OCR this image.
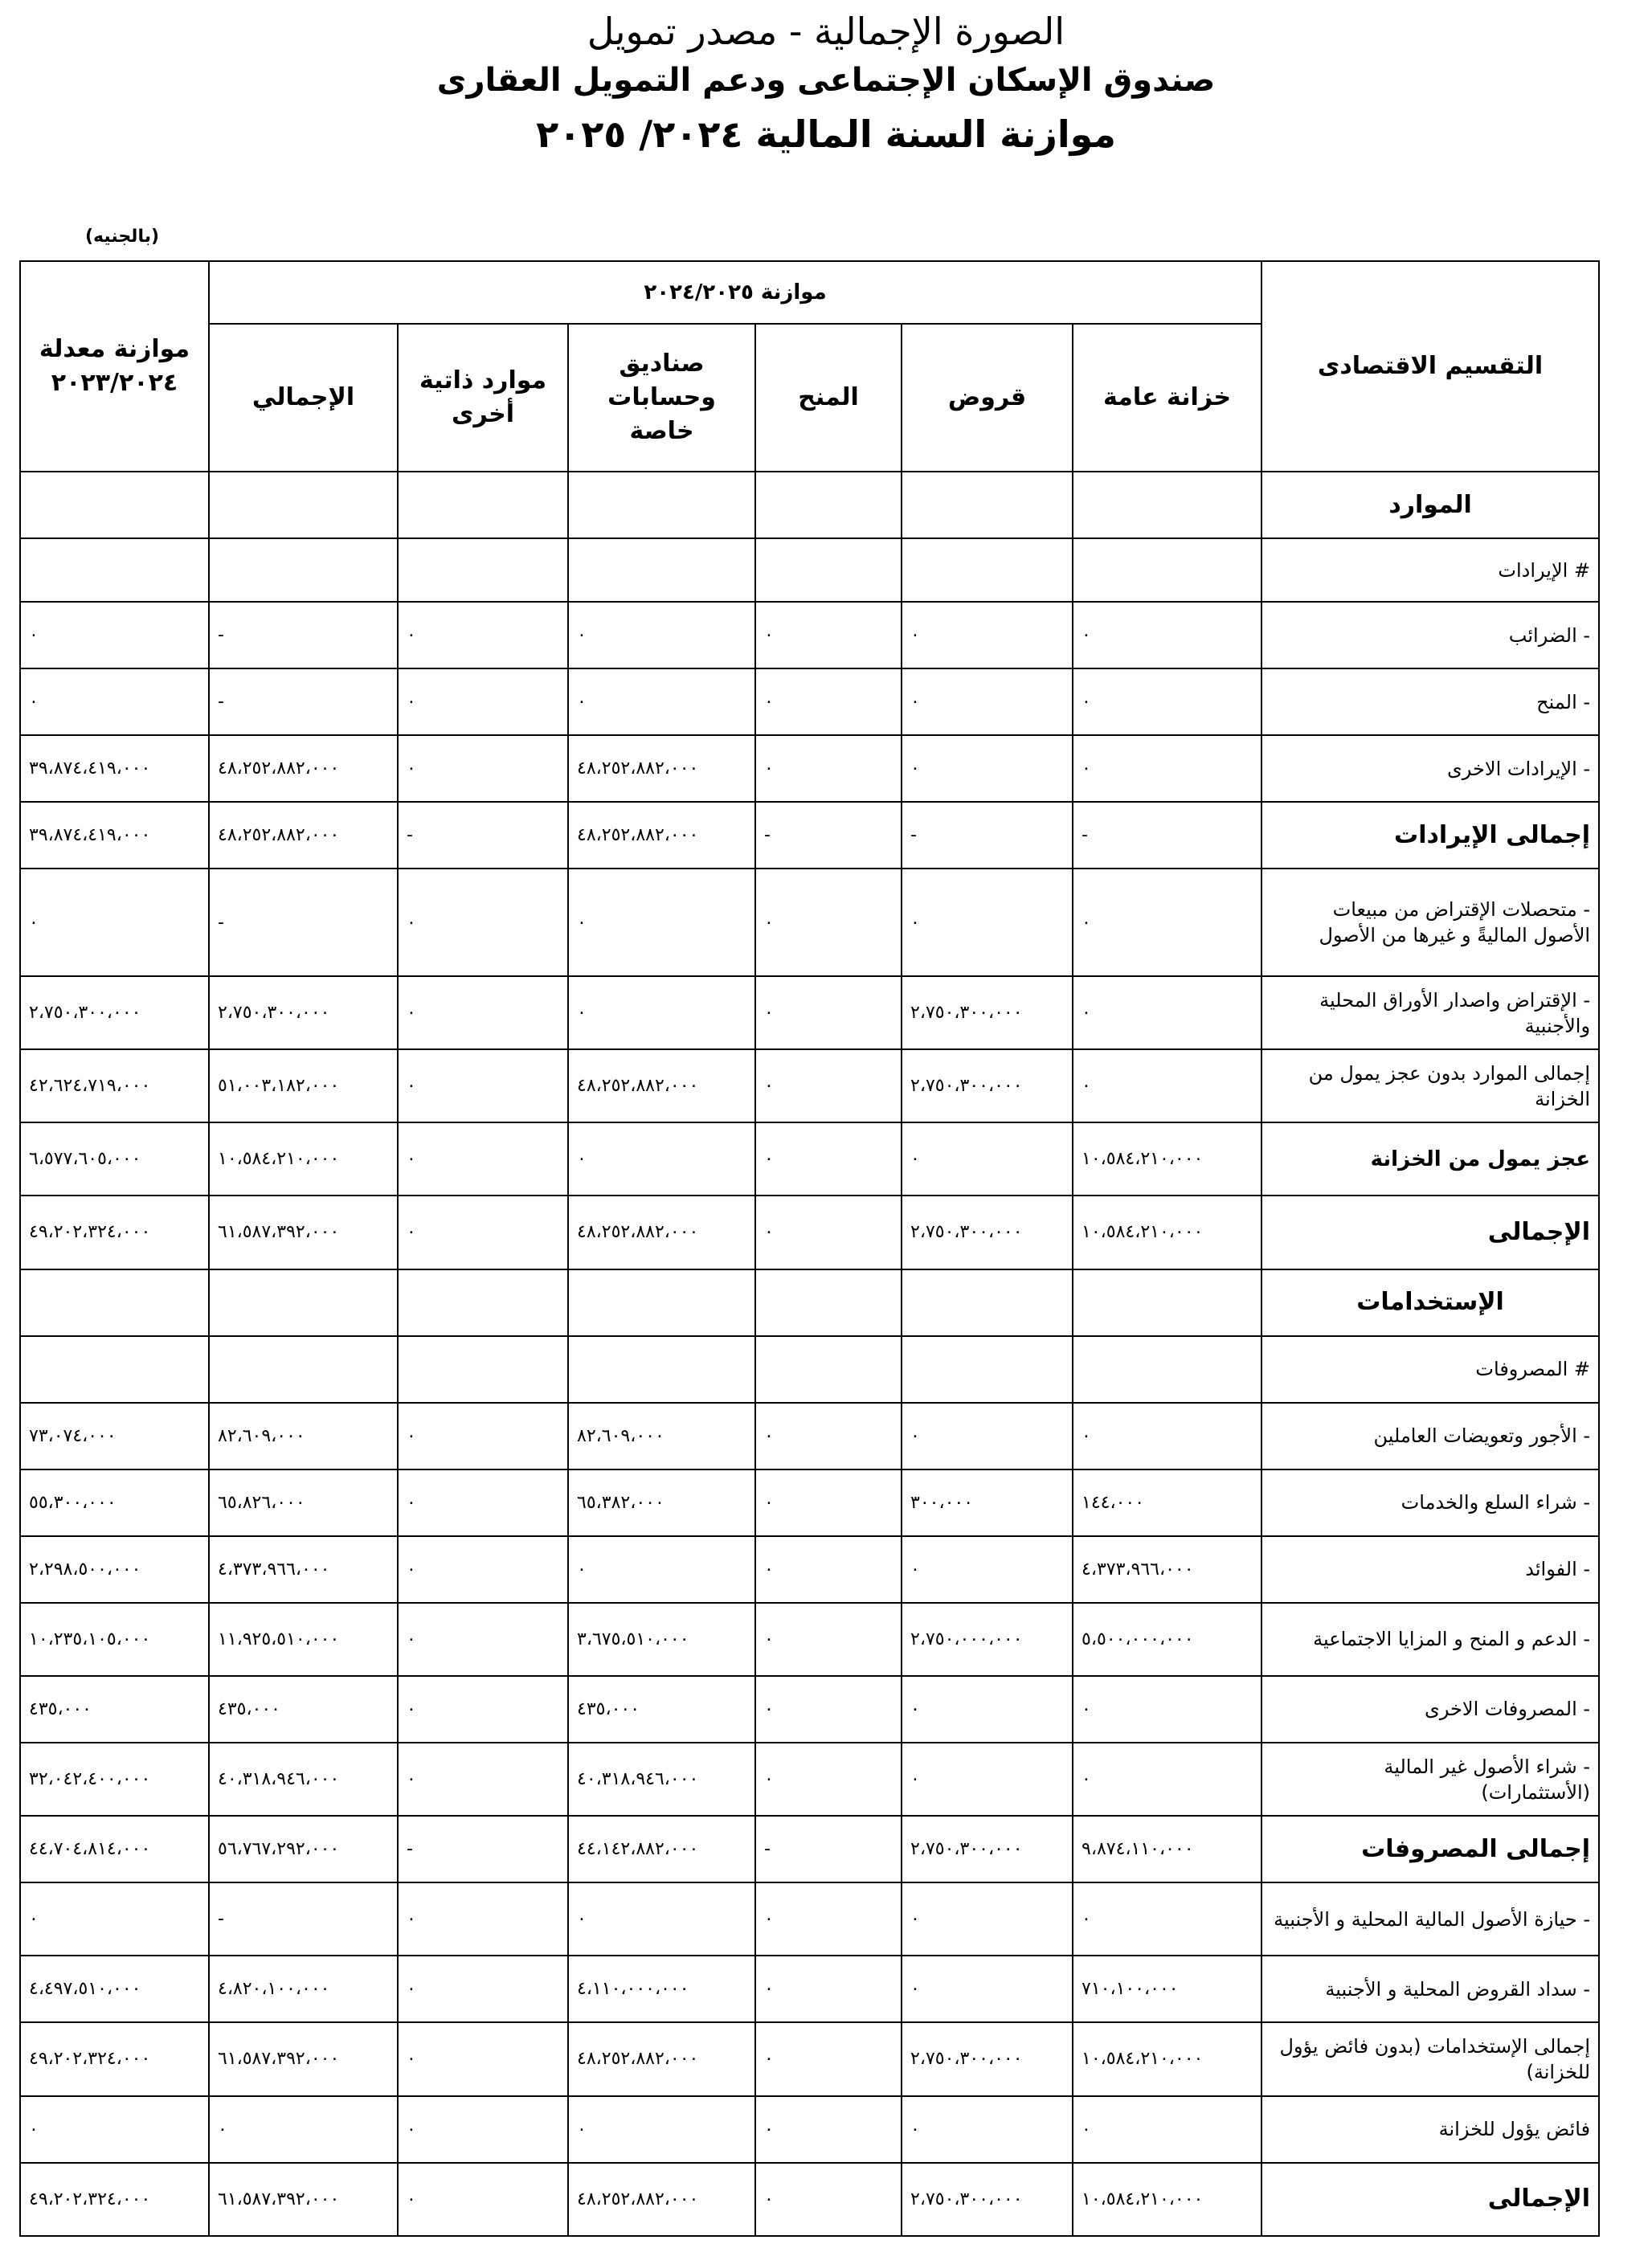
الصورة الإجمالية - مصدر تمويل
صندوق الإسكان الإجتماعى ودعم التمويل العقارى
موازنة السنة المالية ٢٠٢٤/ ٢٠٢٥
(بالجنيه)
التقسيم الاقتصادى	موازنة ٢٠٢٤/٢٠٢٥						موازنة معدلة ٢٠٢٣/٢٠٢٤
	خزانة عامة	قروض	المنح	صناديق وحسابات خاصة	موارد ذاتية أخرى	الإجمالي	
الموارد							
# الإيرادات							
- الضرائب	٠	٠	٠	٠	٠	-	٠
- المنح	٠	٠	٠	٠	٠	-	٠
- الإيرادات الاخرى	٠	٠	٠	٤٨،٢٥٢،٨٨٢،٠٠٠	٠	٤٨،٢٥٢،٨٨٢،٠٠٠	٣٩،٨٧٤،٤١٩،٠٠٠
إجمالى الإيرادات	-	-	-	٤٨،٢٥٢،٨٨٢،٠٠٠	-	٤٨،٢٥٢،٨٨٢،٠٠٠	٣٩،٨٧٤،٤١٩،٠٠٠
- متحصلات الإقتراض من مبيعات الأصول الماليةً و غيرها من الأصول	٠	٠	٠	٠	٠	-	٠
- الإقتراض واصدار الأوراق المحلية والأجنبية	٠	٢،٧٥٠،٣٠٠،٠٠٠	٠	٠	٠	٢،٧٥٠،٣٠٠،٠٠٠	٢،٧٥٠،٣٠٠،٠٠٠
إجمالى الموارد بدون عجز يمول من الخزانة	٠	٢،٧٥٠،٣٠٠،٠٠٠	٠	٤٨،٢٥٢،٨٨٢،٠٠٠	٠	٥١،٠٠٣،١٨٢،٠٠٠	٤٢،٦٢٤،٧١٩،٠٠٠
عجز يمول من الخزانة	١٠،٥٨٤،٢١٠،٠٠٠	٠	٠	٠	٠	١٠،٥٨٤،٢١٠،٠٠٠	٦،٥٧٧،٦٠٥،٠٠٠
الإجمالى	١٠،٥٨٤،٢١٠،٠٠٠	٢،٧٥٠،٣٠٠،٠٠٠	٠	٤٨،٢٥٢،٨٨٢،٠٠٠	٠	٦١،٥٨٧،٣٩٢،٠٠٠	٤٩،٢٠٢،٣٢٤،٠٠٠
الإستخدامات							
# المصروفات							
- الأجور وتعويضات العاملين	٠	٠	٠	٨٢،٦٠٩،٠٠٠	٠	٨٢،٦٠٩،٠٠٠	٧٣،٠٧٤،٠٠٠
- شراء السلع والخدمات	١٤٤،٠٠٠	٣٠٠،٠٠٠	٠	٦٥،٣٨٢،٠٠٠	٠	٦٥،٨٢٦،٠٠٠	٥٥،٣٠٠،٠٠٠
- الفوائد	٤،٣٧٣،٩٦٦،٠٠٠	٠	٠	٠	٠	٤،٣٧٣،٩٦٦،٠٠٠	٢،٢٩٨،٥٠٠،٠٠٠
- الدعم و المنح و المزايا الاجتماعية	٥،٥٠٠،٠٠٠،٠٠٠	٢،٧٥٠،٠٠٠،٠٠٠	٠	٣،٦٧٥،٥١٠،٠٠٠	٠	١١،٩٢٥،٥١٠،٠٠٠	١٠،٢٣٥،١٠٥،٠٠٠
- المصروفات الاخرى	٠	٠	٠	٤٣٥،٠٠٠	٠	٤٣٥،٠٠٠	٤٣٥،٠٠٠
- شراء الأصول غير المالية (الأستثمارات)	٠	٠	٠	٤٠،٣١٨،٩٤٦،٠٠٠	٠	٤٠،٣١٨،٩٤٦،٠٠٠	٣٢،٠٤٢،٤٠٠،٠٠٠
إجمالى المصروفات	٩،٨٧٤،١١٠،٠٠٠	٢،٧٥٠،٣٠٠،٠٠٠	-	٤٤،١٤٢،٨٨٢،٠٠٠	-	٥٦،٧٦٧،٢٩٢،٠٠٠	٤٤،٧٠٤،٨١٤،٠٠٠
- حيازة الأصول المالية المحلية و الأجنبية	٠	٠	٠	٠	٠	-	٠
- سداد القروض المحلية و الأجنبية	٧١٠،١٠٠،٠٠٠	٠	٠	٤،١١٠،٠٠٠،٠٠٠	٠	٤،٨٢٠،١٠٠،٠٠٠	٤،٤٩٧،٥١٠،٠٠٠
إجمالى الإستخدامات (بدون فائض يؤول للخزانة)	١٠،٥٨٤،٢١٠،٠٠٠	٢،٧٥٠،٣٠٠،٠٠٠	٠	٤٨،٢٥٢،٨٨٢،٠٠٠	٠	٦١،٥٨٧،٣٩٢،٠٠٠	٤٩،٢٠٢،٣٢٤،٠٠٠
فائض يؤول للخزانة	٠	٠	٠	٠	٠	٠	٠
الإجمالى	١٠،٥٨٤،٢١٠،٠٠٠	٢،٧٥٠،٣٠٠،٠٠٠	٠	٤٨،٢٥٢،٨٨٢،٠٠٠	٠	٦١،٥٨٧،٣٩٢،٠٠٠	٤٩،٢٠٢،٣٢٤،٠٠٠
